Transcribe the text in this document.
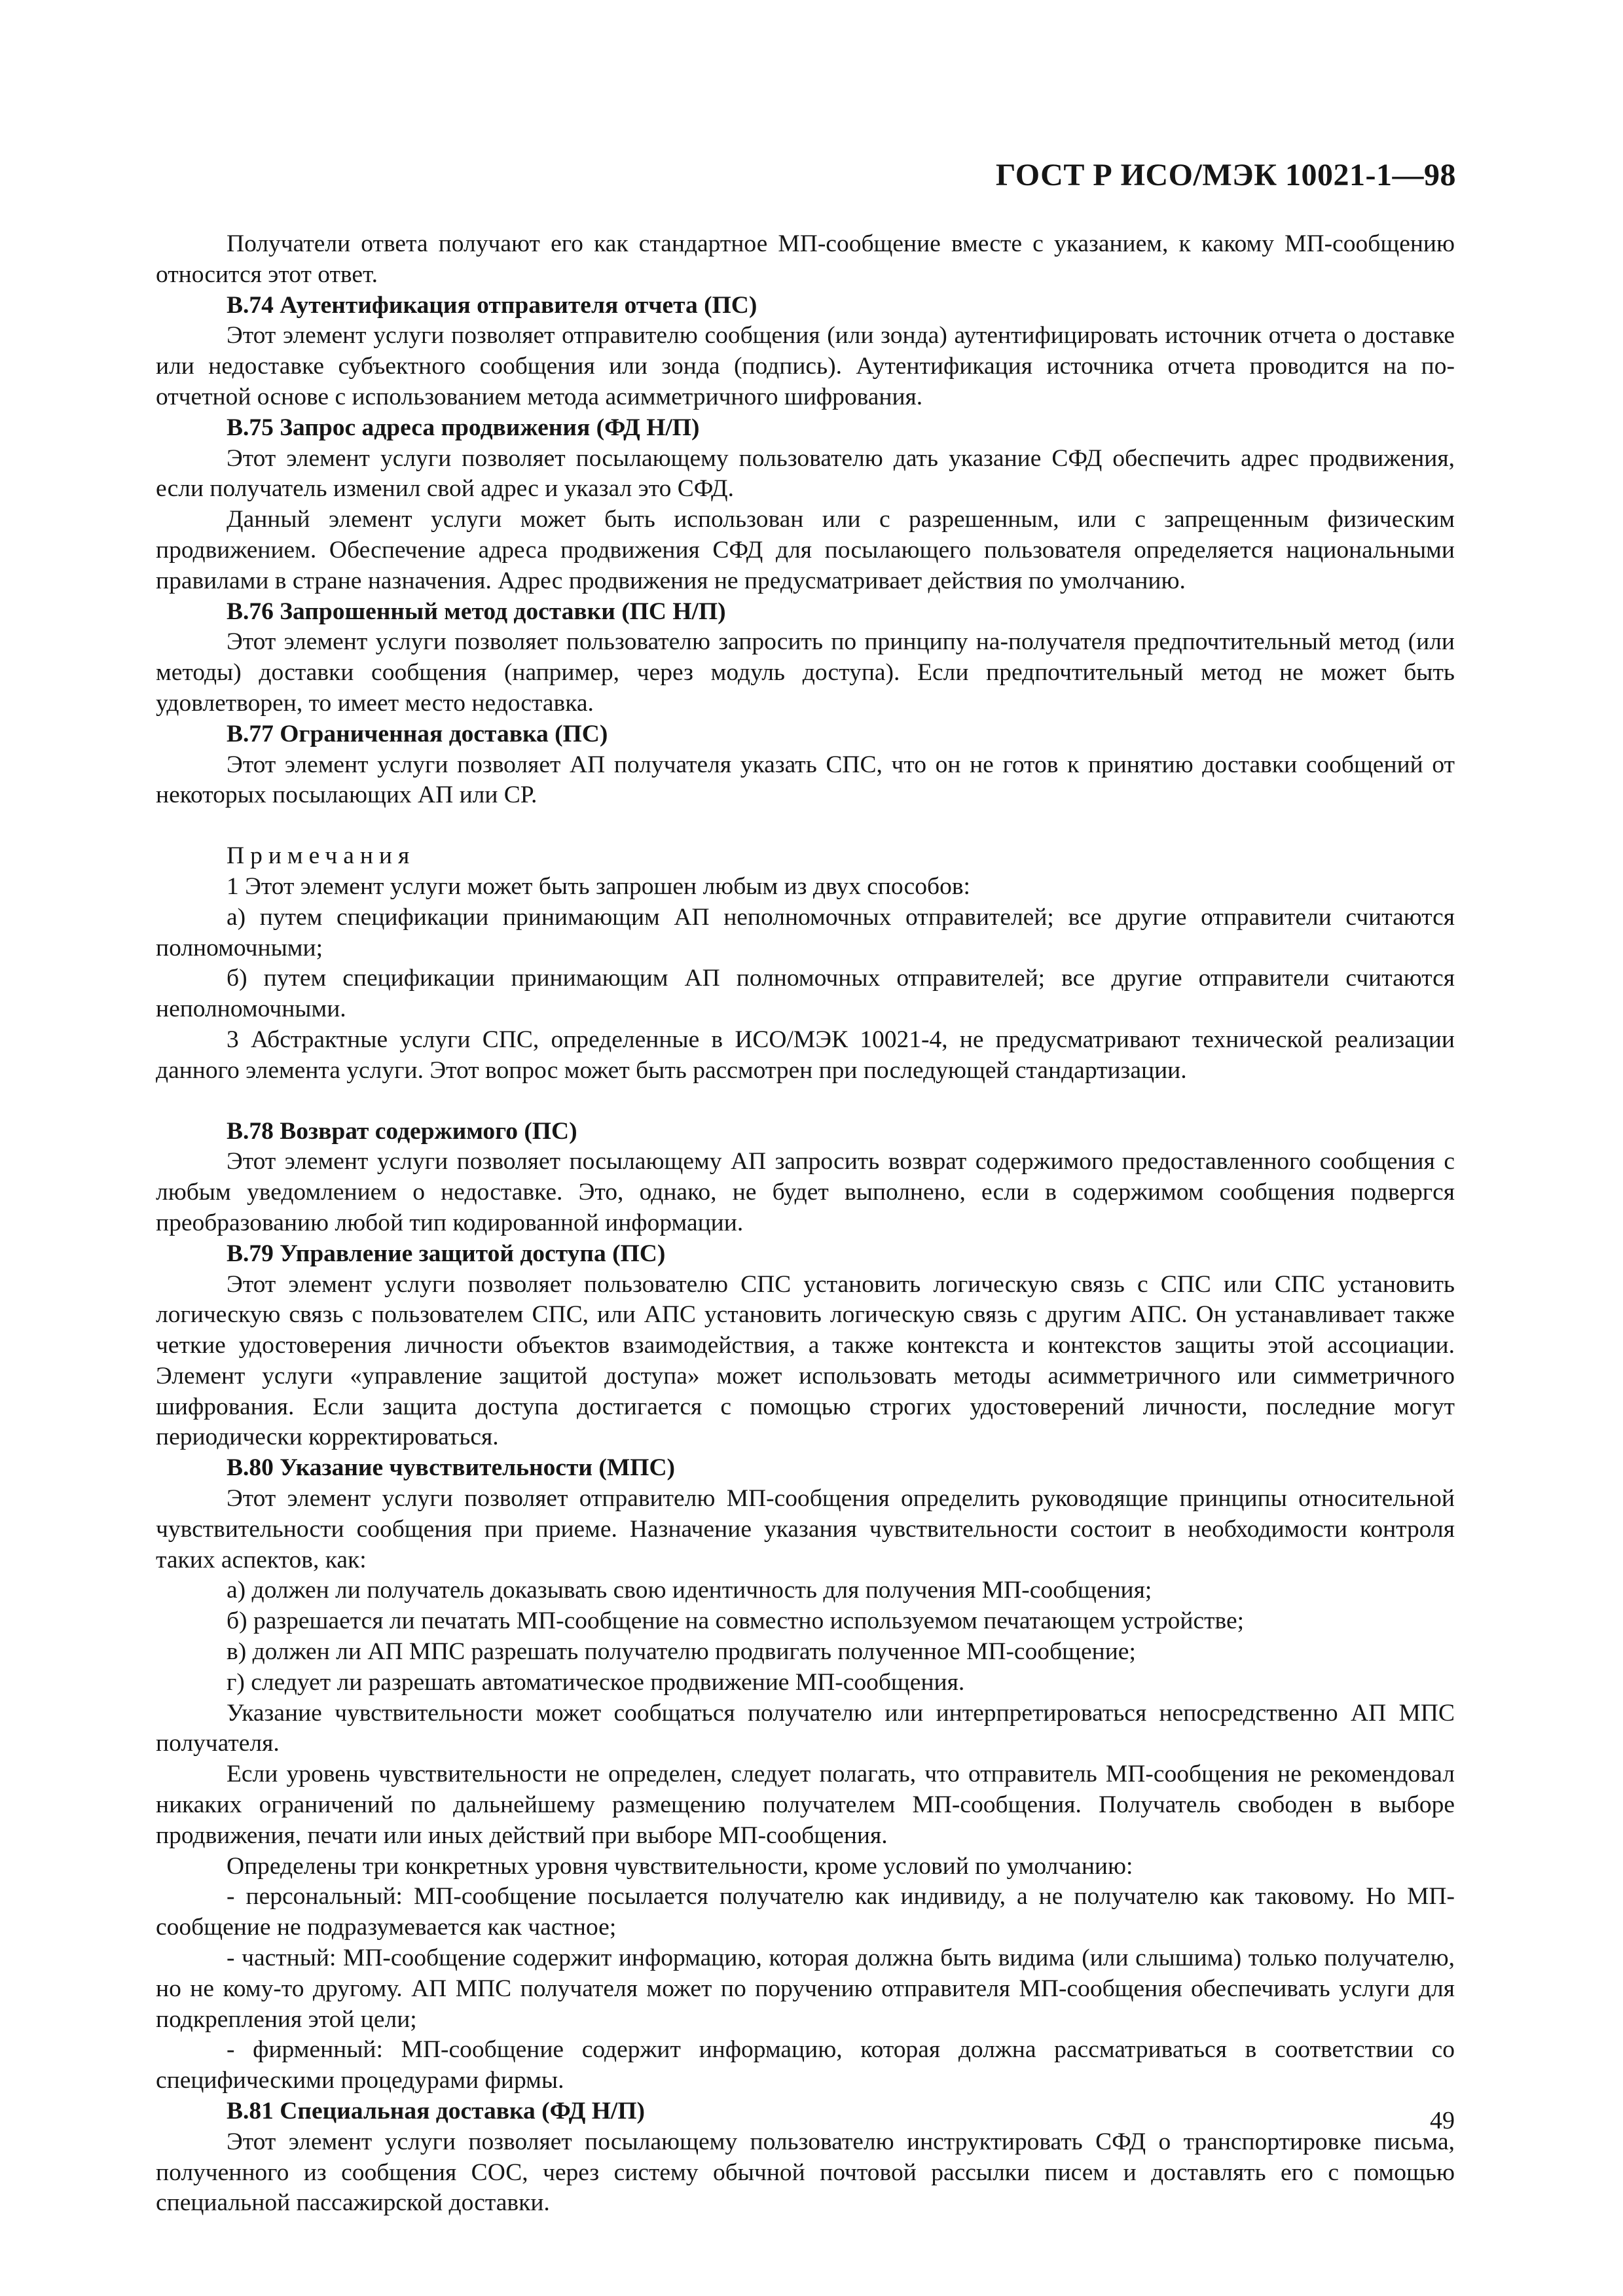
ГОСТ Р ИСО/МЭК 10021-1—98

Получатели ответа получают его как стандартное МП-сообщение вместе с указанием, к какому МП-сообщению относится этот ответ.

B.74 Аутентификация отправителя отчета (ПС)

Этот элемент услуги позволяет отправителю сообщения (или зонда) аутентифицировать источник отчета о доставке или недоставке субъектного сообщения или зонда (подпись). Аутентификация источника отчета проводится на по-отчетной основе с использованием метода асимметричного шифрования.

B.75 Запрос адреса продвижения (ФД Н/П)

Этот элемент услуги позволяет посылающему пользователю дать указание СФД обеспечить адрес продвижения, если получатель изменил свой адрес и указал это СФД.

Данный элемент услуги может быть использован или с разрешенным, или с запрещенным физическим продвижением. Обеспечение адреса продвижения СФД для посылающего пользователя определяется национальными правилами в стране назначения. Адрес продвижения не предусматривает действия по умолчанию.

B.76 Запрошенный метод доставки (ПС Н/П)

Этот элемент услуги позволяет пользователю запросить по принципу на-получателя предпочтительный метод (или методы) доставки сообщения (например, через модуль доступа). Если предпочтительный метод не может быть удовлетворен, то имеет место недоставка.

B.77 Ограниченная доставка (ПС)

Этот элемент услуги позволяет АП получателя указать СПС, что он не готов к принятию доставки сообщений от некоторых посылающих АП или СР.

Примечания

1 Этот элемент услуги может быть запрошен любым из двух способов:

а) путем спецификации принимающим АП неполномочных отправителей; все другие отправители считаются полномочными;

б) путем спецификации принимающим АП полномочных отправителей; все другие отправители считаются неполномочными.

3 Абстрактные услуги СПС, определенные в ИСО/МЭК 10021-4, не предусматривают технической реализации данного элемента услуги. Этот вопрос может быть рассмотрен при последующей стандартизации.

B.78 Возврат содержимого (ПС)

Этот элемент услуги позволяет посылающему АП запросить возврат содержимого предоставленного сообщения с любым уведомлением о недоставке. Это, однако, не будет выполнено, если в содержимом сообщения подвергся преобразованию любой тип кодированной информации.

B.79 Управление защитой доступа (ПС)

Этот элемент услуги позволяет пользователю СПС установить логическую связь с СПС или СПС установить логическую связь с пользователем СПС, или АПС установить логическую связь с другим АПС. Он устанавливает также четкие удостоверения личности объектов взаимодействия, а также контекста и контекстов защиты этой ассоциации. Элемент услуги «управление защитой доступа» может использовать методы асимметричного или симметричного шифрования. Если защита доступа достигается с помощью строгих удостоверений личности, последние могут периодически корректироваться.

B.80 Указание чувствительности (МПС)

Этот элемент услуги позволяет отправителю МП-сообщения определить руководящие принципы относительной чувствительности сообщения при приеме. Назначение указания чувствительности состоит в необходимости контроля таких аспектов, как:

а) должен ли получатель доказывать свою идентичность для получения МП-сообщения;

б) разрешается ли печатать МП-сообщение на совместно используемом печатающем устройстве;

в) должен ли АП МПС разрешать получателю продвигать полученное МП-сообщение;

г) следует ли разрешать автоматическое продвижение МП-сообщения.

Указание чувствительности может сообщаться получателю или интерпретироваться непосредственно АП МПС получателя.

Если уровень чувствительности не определен, следует полагать, что отправитель МП-сообщения не рекомендовал никаких ограничений по дальнейшему размещению получателем МП-сообщения. Получатель свободен в выборе продвижения, печати или иных действий при выборе МП-сообщения.

Определены три конкретных уровня чувствительности, кроме условий по умолчанию:

- персональный: МП-сообщение посылается получателю как индивиду, а не получателю как таковому. Но МП-сообщение не подразумевается как частное;

- частный: МП-сообщение содержит информацию, которая должна быть видима (или слышима) только получателю, но не кому-то другому. АП МПС получателя может по поручению отправителя МП-сообщения обеспечивать услуги для подкрепления этой цели;

- фирменный: МП-сообщение содержит информацию, которая должна рассматриваться в соответствии со специфическими процедурами фирмы.

B.81 Специальная доставка (ФД Н/П)

Этот элемент услуги позволяет посылающему пользователю инструктировать СФД о транспортировке письма, полученного из сообщения СОС, через систему обычной почтовой рассылки писем и доставлять его с помощью специальной пассажирской доставки.

49
